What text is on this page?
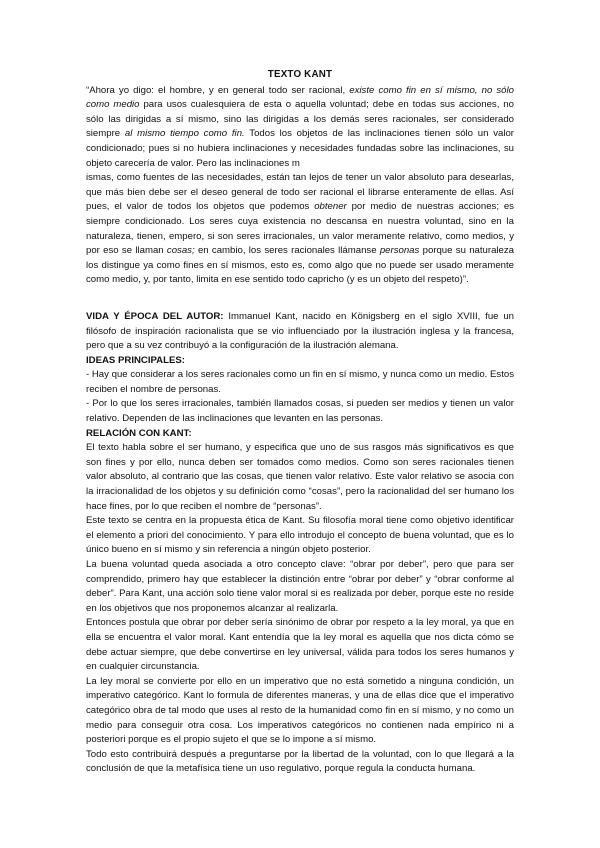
TEXTO KANT

“Ahora yo digo: el hombre, y en general todo ser racional, existe como fin en sí mismo, no sólo como medio para usos cualesquiera de esta o aquella voluntad; debe en todas sus acciones, no sólo las dirigidas a sí mismo, sino las dirigidas a los demás seres racionales, ser considerado siempre al mismo tiempo como fin. Todos los objetos de las inclinaciones tienen sólo un valor condicionado; pues si no hubiera inclinaciones y necesidades fundadas sobre las inclinaciones, su objeto carecería de valor. Pero las inclinaciones m

ismas, como fuentes de las necesidades, están tan lejos de tener un valor absoluto para desearlas, que más bien debe ser el deseo general de todo ser racional el librarse enteramente de ellas. Así pues, el valor de todos los objetos que podemos obtener por medio de nuestras acciones; es siempre condicionado. Los seres cuya existencia no descansa en nuestra voluntad, sino en la naturaleza, tienen, empero, si son seres irracionales, un valor meramente relativo, como medios, y por eso se llaman cosas; en cambio, los seres racionales llámanse personas porque su naturaleza los distingue ya como fines en sí mismos, esto es, como algo que no puede ser usado meramente como medio, y, por tanto, limita en ese sentido todo capricho (y es un objeto del respeto)”.

VIDA Y ÉPOCA DEL AUTOR: Immanuel Kant, nacido en Königsberg en el siglo XVIII, fue un filósofo de inspiración racionalista que se vio influenciado por la ilustración inglesa y la francesa, pero que a su vez contribuyó a la configuración de la ilustración alemana.

IDEAS PRINCIPALES:

- Hay que considerar a los seres racionales como un fin en sí mismo, y nunca como un medio. Estos reciben el nombre de personas.

- Por lo que los seres irracionales, también llamados cosas, si pueden ser medios y tienen un valor relativo. Dependen de las inclinaciones que levanten en las personas.

RELACIÓN CON KANT:

El texto habla sobre el ser humano, y especifica que uno de sus rasgos más significativos es que son fines y por ello, nunca deben ser tomados como medios. Como son seres racionales tienen valor absoluto, al contrario que las cosas, que tienen valor relativo. Este valor relativo se asocia con la irracionalidad de los objetos y su definición como “cosas”, pero la racionalidad del ser humano los hace fines, por lo que reciben el nombre de “personas”.

Este texto se centra en la propuesta ética de Kant. Su filosofía moral tiene como objetivo identificar el elemento a priori del conocimiento. Y para ello introdujo el concepto de buena voluntad, que es lo único bueno en sí mismo y sin referencia a ningún objeto posterior.

La buena voluntad queda asociada a otro concepto clave: “obrar por deber”, pero que para ser comprendido, primero hay que establecer la distinción entre “obrar por deber” y “obrar conforme al deber”. Para Kant, una acción solo tiene valor moral si es realizada por deber, porque este no reside en los objetivos que nos proponemos alcanzar al realizarla.

Entonces postula que obrar por deber sería sinónimo de obrar por respeto a la ley moral, ya que en ella se encuentra el valor moral. Kant entendía que la ley moral es aquella que nos dicta cómo se debe actuar siempre, que debe convertirse en ley universal, válida para todos los seres humanos y en cualquier circunstancia.

La ley moral se convierte por ello en un imperativo que no está sometido a ninguna condición, un imperativo categórico. Kant lo formula de diferentes maneras, y una de ellas dice que el imperativo categórico obra de tal modo que uses al resto de la humanidad como fin en sí mismo, y no como un medio para conseguir otra cosa. Los imperativos categóricos no contienen nada empírico ni a posteriori porque es el propio sujeto el que se lo impone a sí mismo.

Todo esto contribuirá después a preguntarse por la libertad de la voluntad, con lo que llegará a la conclusión de que la metafísica tiene un uso regulativo, porque regula la conducta humana.
